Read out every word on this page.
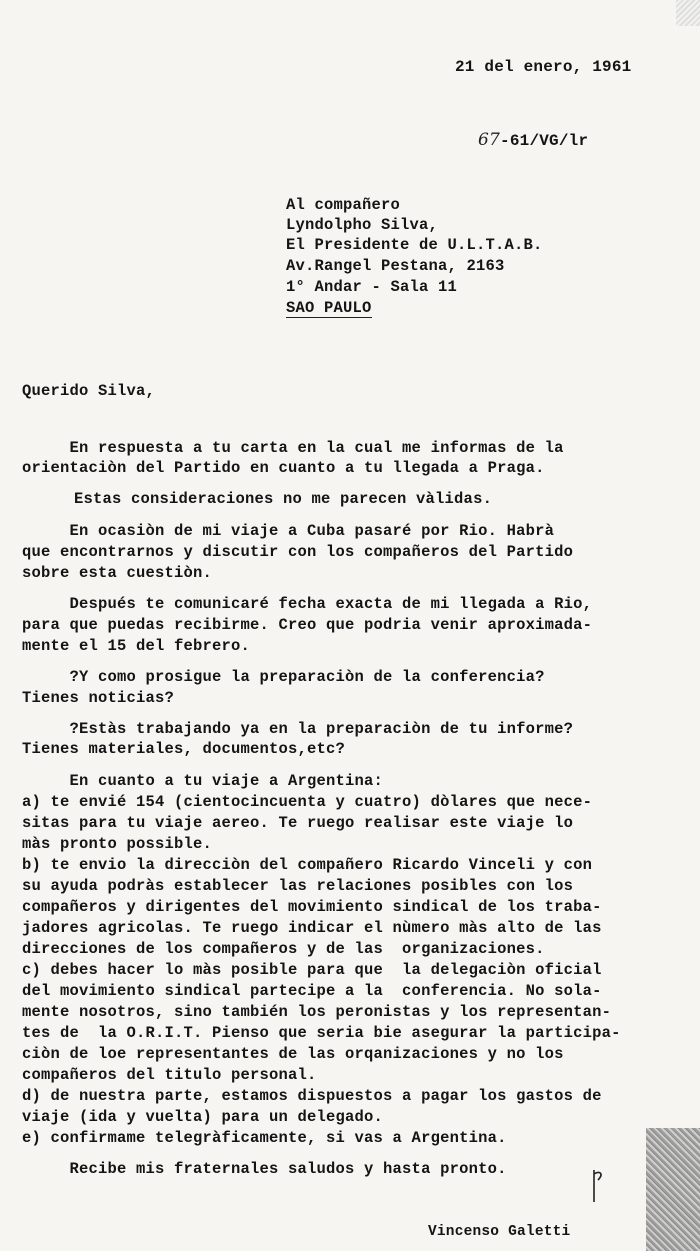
21 del enero, 1961
67-61/VG/lr
Al compañero
Lyndolpho Silva,
El Presidente de U.L.T.A.B.
Av.Rangel Pestana, 2163
1° Andar - Sala 11
SAO PAULO
Querido Silva,
En respuesta a tu carta en la cual me informas de la
orientaciòn del Partido en cuanto a tu llegada a Praga.
Estas consideraciones no me parecen vàlidas.
En ocasiòn de mi viaje a Cuba pasaré por Rio. Habrà
que encontrarnos y discutir con los compañeros del Partido
sobre esta cuestiòn.
Después te comunicaré fecha exacta de mi llegada a Rio,
para que puedas recibirme. Creo que podria venir aproximada-
mente el 15 del febrero.
?Y como prosigue la preparaciòn de la conferencia?
Tienes noticias?
?Estàs trabajando ya en la preparaciòn de tu informe?
Tienes materiales, documentos,etc?
En cuanto a tu viaje a Argentina:
a) te envié 154 (cientocincuenta y cuatro) dòlares que nece-
sitas para tu viaje aereo. Te ruego realisar este viaje lo
màs pronto possible.
b) te envio la direcciòn del compañero Ricardo Vinceli y con
su ayuda podràs establecer las relaciones posibles con los
compañeros y dirigentes del movimiento sindical de los traba-
jadores agricolas. Te ruego indicar el nùmero màs alto de las
direcciones de los compañeros y de las  organizaciones.
c) debes hacer lo màs posible para que  la delegaciòn oficial
del movimiento sindical partecipe a la  conferencia. No sola-
mente nosotros, sino también los peronistas y los representan-
tes de  la O.R.I.T. Pienso que seria bie asegurar la participa-
ciòn de loe representantes de las orqanizaciones y no los
compañeros del titulo personal.
d) de nuestra parte, estamos dispuestos a pagar los gastos de
viaje (ida y vuelta) para un delegado.
e) confirmame telegràficamente, si vas a Argentina.
Recibe mis fraternales saludos y hasta pronto.
Vincenso Galetti
